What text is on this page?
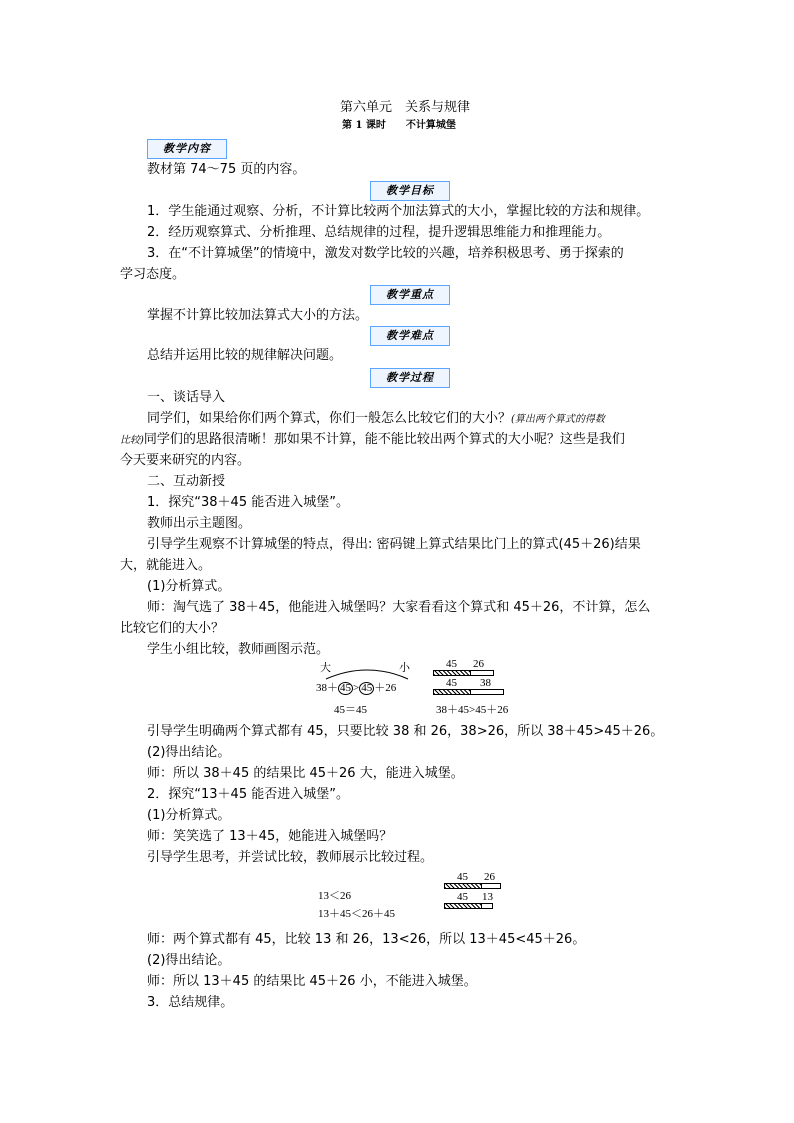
第六单元　关系与规律
第 1 课时　　不计算城堡
教学内容
教材第 74～75 页的内容。
教学目标
1．学生能通过观察、分析，不计算比较两个加法算式的大小，掌握比较的方法和规律。
2．经历观察算式、分析推理、总结规律的过程，提升逻辑思维能力和推理能力。
3．在“不计算城堡”的情境中，激发对数学比较的兴趣，培养积极思考、勇于探索的
学习态度。
教学重点
掌握不计算比较加法算式大小的方法。
教学难点
总结并运用比较的规律解决问题。
教学过程
一、谈话导入
同学们，如果给你们两个算式，你们一般怎么比较它们的大小？(算出两个算式的得数
比较)同学们的思路很清晰！那如果不计算，能不能比较出两个算式的大小呢？这些是我们
今天要来研究的内容。
二、互动新授
1．探究“38＋45 能否进入城堡”。
教师出示主题图。
引导学生观察不计算城堡的特点，得出: 密码键上算式结果比门上的算式(45＋26)结果
大，就能进入。
(1)分析算式。
师：淘气选了 38＋45，他能进入城堡吗？大家看看这个算式和 45＋26，不计算，怎么
比较它们的大小？
学生小组比较，教师画图示范。
大	小
38＋ 45 > 45 ＋26
45＝45
45 26
45 38
38＋45>45＋26
引导学生明确两个算式都有 45，只要比较 38 和 26，38>26，所以 38＋45>45＋26。
(2)得出结论。
师：所以 38＋45 的结果比 45＋26 大，能进入城堡。
2．探究“13＋45 能否进入城堡”。
(1)分析算式。
师：笑笑选了 13＋45，她能进入城堡吗？
引导学生思考，并尝试比较，教师展示比较过程。
13＜26
13＋45＜26＋45
45 26
45 13
师：两个算式都有 45，比较 13 和 26，13<26，所以 13＋45<45＋26。
(2)得出结论。
师：所以 13＋45 的结果比 45＋26 小，不能进入城堡。
3．总结规律。
